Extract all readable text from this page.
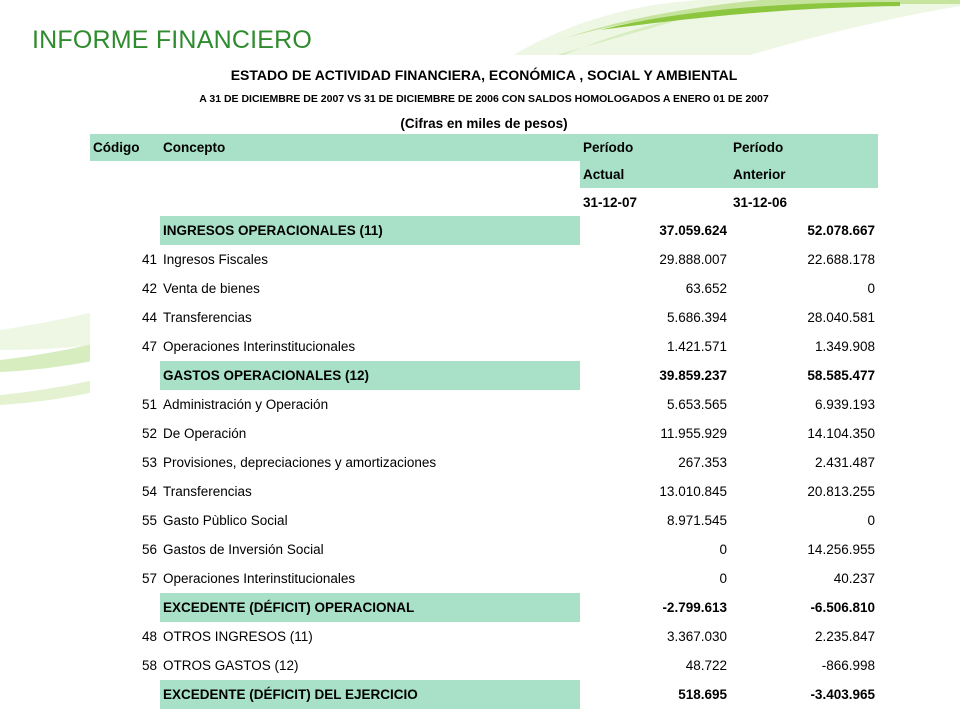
INFORME FINANCIERO
ESTADO DE ACTIVIDAD FINANCIERA, ECONÓMICA , SOCIAL Y AMBIENTAL
A 31 DE DICIEMBRE DE 2007 VS 31 DE DICIEMBRE DE 2006 CON SALDOS HOMOLOGADOS A ENERO 01 DE 2007
(Cifras en miles de pesos)
Código	Concepto	Período	Período
		Actual	Anterior
		31-12-07	31-12-06
	INGRESOS OPERACIONALES (11)	37.059.624	52.078.667
41	Ingresos Fiscales	29.888.007	22.688.178
42	Venta de bienes	63.652	0
44	Transferencias	5.686.394	28.040.581
47	Operaciones Interinstitucionales	1.421.571	1.349.908
	GASTOS OPERACIONALES (12)	39.859.237	58.585.477
51	Administración y Operación	5.653.565	6.939.193
52	De Operación	11.955.929	14.104.350
53	Provisiones, depreciaciones y amortizaciones	267.353	2.431.487
54	Transferencias	13.010.845	20.813.255
55	Gasto Pùblico Social	8.971.545	0
56	Gastos de Inversión Social	0	14.256.955
57	Operaciones Interinstitucionales	0	40.237
	EXCEDENTE (DÉFICIT) OPERACIONAL	-2.799.613	-6.506.810
48	OTROS INGRESOS (11)	3.367.030	2.235.847
58	OTROS GASTOS (12)	48.722	-866.998
	EXCEDENTE (DÉFICIT) DEL EJERCICIO	518.695	-3.403.965
